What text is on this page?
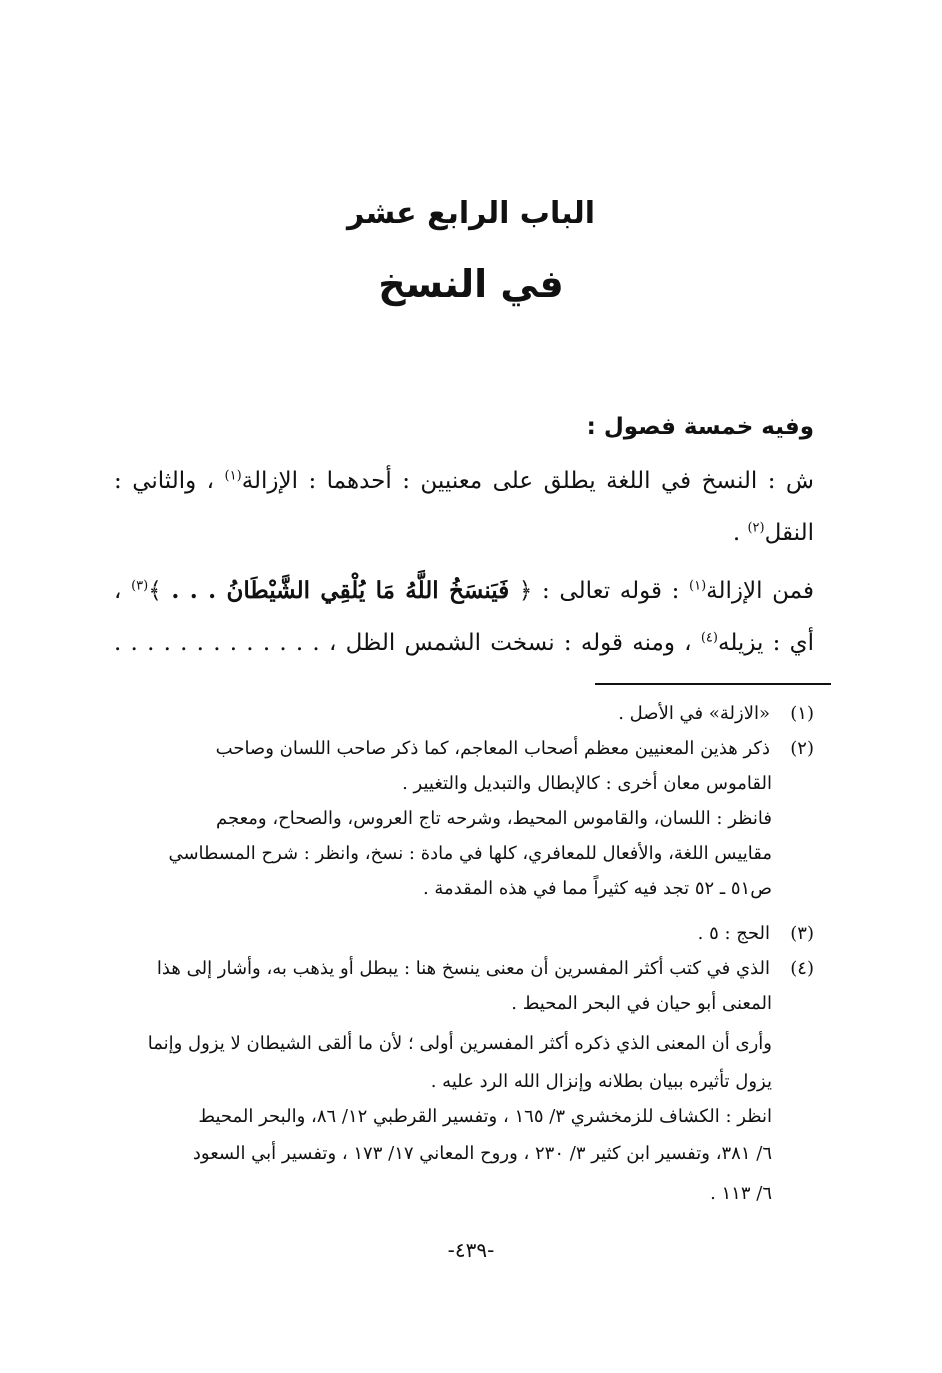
الباب الرابع عشر
في النسخ

وفيه خمسة فصول :

ش : النسخ في اللغة يطلق على معنيين : أحدهما : الإزالة$^{(١)}$ ، والثاني :

النقل$^{(٢)}$ .

فمن الإزالة$^{(١)}$ : قوله تعالى : ﴿ فَيَنسَخُ اللَّهُ مَا يُلْقِي الشَّيْطَانُ . . . ﴾$^{(٣)}$ ،

أي : يزيله$^{(٤)}$ ، ومنه قوله : نسخت الشمس الظل ، . . . . . . . . . . . . .

(١)«الازلة» في الأصل .

(٢)ذكر هذين المعنيين معظم أصحاب المعاجم، كما ذكر صاحب اللسان وصاحب

القاموس معان أخرى : كالإبطال والتبديل والتغيير .

فانظر : اللسان، والقاموس المحيط، وشرحه تاج العروس، والصحاح، ومعجم

مقاييس اللغة، والأفعال للمعافري، كلها في مادة : نسخ، وانظر : شرح المسطاسي

ص٥١ ـ ٥٢ تجد فيه كثيراً مما في هذه المقدمة .

(٣)الحج : ٥ .

(٤)الذي في كتب أكثر المفسرين أن معنى ينسخ هنا : يبطل أو يذهب به، وأشار إلى هذا

المعنى أبو حيان في البحر المحيط .

وأرى أن المعنى الذي ذكره أكثر المفسرين أولى ؛ لأن ما ألقى الشيطان لا يزول وإنما

يزول تأثيره ببيان بطلانه وإنزال الله الرد عليه .

انظر : الكشاف للزمخشري ٣/ ١٦٥ ، وتفسير القرطبي ١٢/ ٨٦، والبحر المحيط

٦/ ٣٨١، وتفسير ابن كثير ٣/ ٢٣٠ ، وروح المعاني ١٧/ ١٧٣ ، وتفسير أبي السعود

٦/ ١١٣ .

-٤٣٩-
